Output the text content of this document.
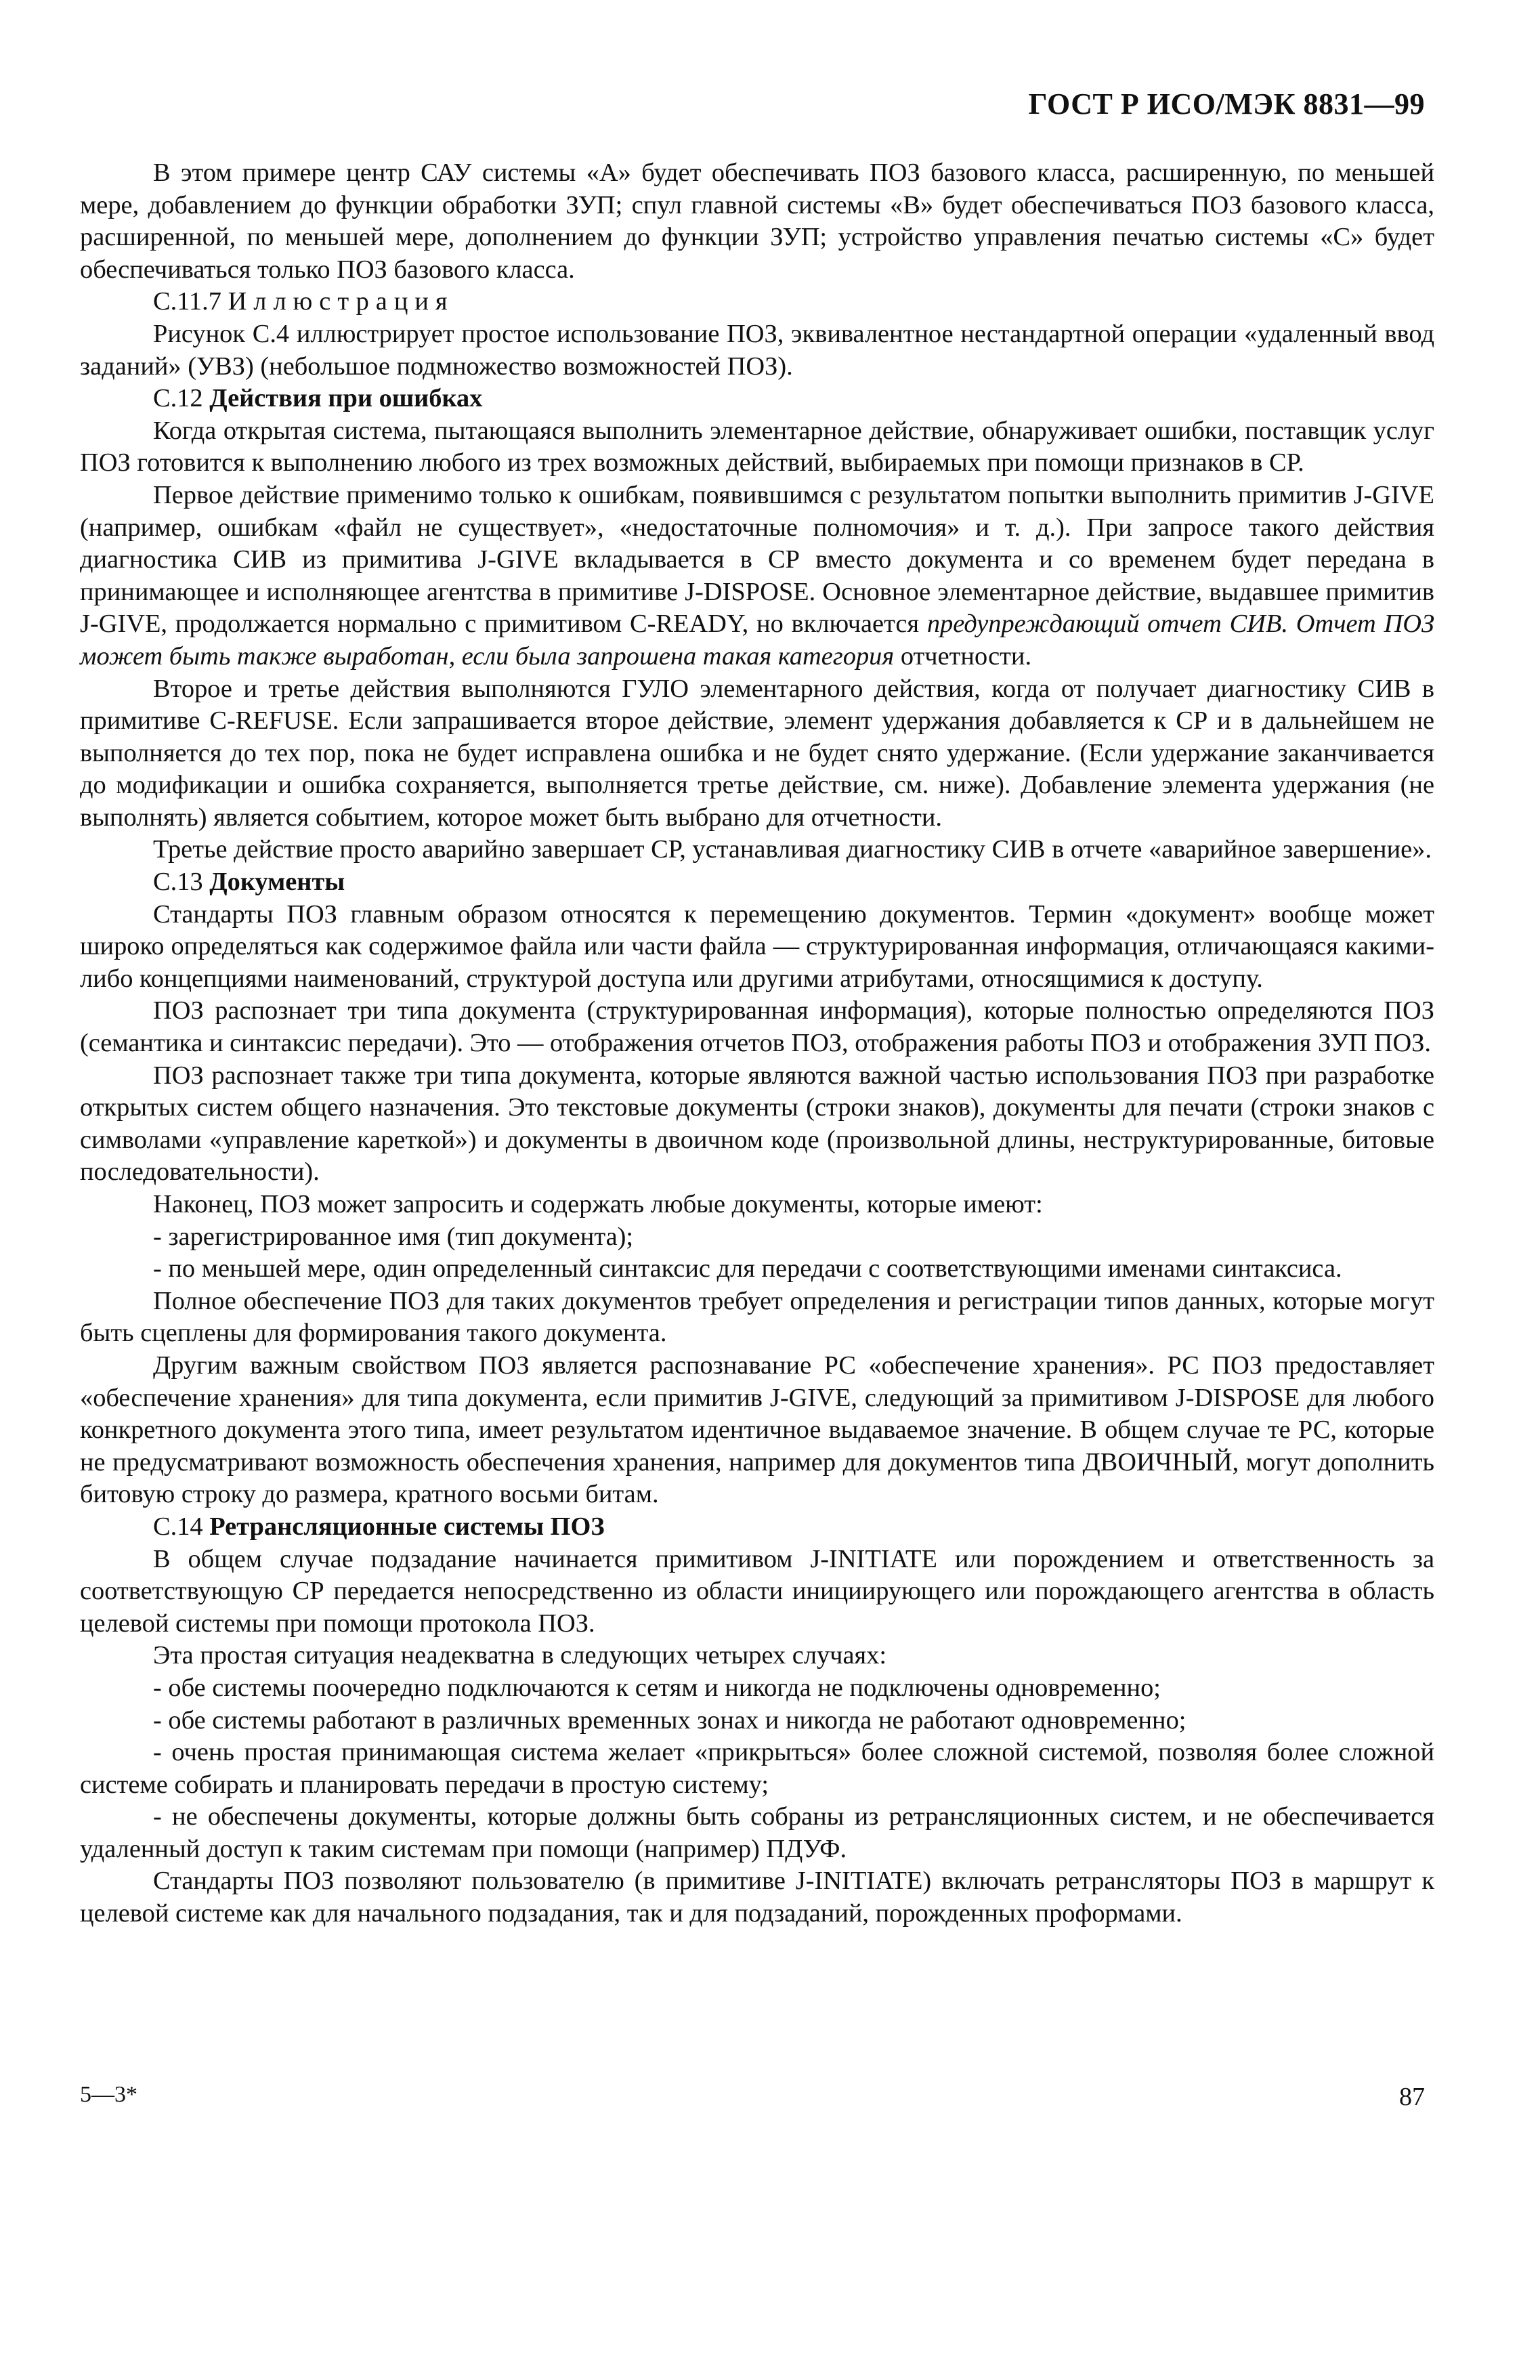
ГОСТ Р ИСО/МЭК 8831—99

В этом примере центр САУ системы «А» будет обеспечивать ПОЗ базового класса, расширенную, по меньшей мере, добавлением до функции обработки ЗУП; спул главной системы «В» будет обеспечиваться ПОЗ базового класса, расширенной, по меньшей мере, дополнением до функции ЗУП; устройство управления печатью системы «С» будет обеспечиваться только ПОЗ базового класса.

С.11.7 Иллюстрация

Рисунок С.4 иллюстрирует простое использование ПОЗ, эквивалентное нестандартной операции «удаленный ввод заданий» (УВЗ) (небольшое подмножество возможностей ПОЗ).

С.12 Действия при ошибках

Когда открытая система, пытающаяся выполнить элементарное действие, обнаруживает ошибки, поставщик услуг ПОЗ готовится к выполнению любого из трех возможных действий, выбираемых при помощи признаков в СР.

Первое действие применимо только к ошибкам, появившимся с результатом попытки выполнить примитив J-GIVE (например, ошибкам «файл не существует», «недостаточные полномочия» и т. д.). При запросе такого действия диагностика СИВ из примитива J-GIVE вкладывается в СР вместо документа и со временем будет передана в принимающее и исполняющее агентства в примитиве J-DISPOSE. Основное элементарное действие, выдавшее примитив J-GIVE, продолжается нормально с примитивом C-READY, но включается предупреждающий отчет СИВ. Отчет ПОЗ может быть также выработан, если была запрошена такая категория отчетности.

Второе и третье действия выполняются ГУЛО элементарного действия, когда от получает диагностику СИВ в примитиве C-REFUSE. Если запрашивается второе действие, элемент удержания добавляется к СР и в дальнейшем не выполняется до тех пор, пока не будет исправлена ошибка и не будет снято удержание. (Если удержание заканчивается до модификации и ошибка сохраняется, выполняется третье действие, см. ниже). Добавление элемента удержания (не выполнять) является событием, которое может быть выбрано для отчетности.

Третье действие просто аварийно завершает СР, устанавливая диагностику СИВ в отчете «аварийное завершение».

С.13 Документы

Стандарты ПОЗ главным образом относятся к перемещению документов. Термин «документ» вообще может широко определяться как содержимое файла или части файла — структурированная информация, отличающаяся какими-либо концепциями наименований, структурой доступа или другими атрибутами, относящимися к доступу.

ПОЗ распознает три типа документа (структурированная информация), которые полностью определяются ПОЗ (семантика и синтаксис передачи). Это — отображения отчетов ПОЗ, отображения работы ПОЗ и отображения ЗУП ПОЗ.

ПОЗ распознает также три типа документа, которые являются важной частью использования ПОЗ при разработке открытых систем общего назначения. Это текстовые документы (строки знаков), документы для печати (строки знаков с символами «управление кареткой») и документы в двоичном коде (произвольной длины, неструктурированные, битовые последовательности).

Наконец, ПОЗ может запросить и содержать любые документы, которые имеют:

- зарегистрированное имя (тип документа);

- по меньшей мере, один определенный синтаксис для передачи с соответствующими именами синтаксиса.

Полное обеспечение ПОЗ для таких документов требует определения и регистрации типов данных, которые могут быть сцеплены для формирования такого документа.

Другим важным свойством ПОЗ является распознавание РС «обеспечение хранения». РС ПОЗ предоставляет «обеспечение хранения» для типа документа, если примитив J-GIVE, следующий за примитивом J-DISPOSE для любого конкретного документа этого типа, имеет результатом идентичное выдаваемое значение. В общем случае те РС, которые не предусматривают возможность обеспечения хранения, например для документов типа ДВОИЧНЫЙ, могут дополнить битовую строку до размера, кратного восьми битам.

С.14 Ретрансляционные системы ПОЗ

В общем случае подзадание начинается примитивом J-INITIATE или порождением и ответственность за соответствующую СР передается непосредственно из области инициирующего или порождающего агентства в область целевой системы при помощи протокола ПОЗ.

Эта простая ситуация неадекватна в следующих четырех случаях:

- обе системы поочередно подключаются к сетям и никогда не подключены одновременно;

- обе системы работают в различных временных зонах и никогда не работают одновременно;

- очень простая принимающая система желает «прикрыться» более сложной системой, позволяя более сложной системе собирать и планировать передачи в простую систему;

- не обеспечены документы, которые должны быть собраны из ретрансляционных систем, и не обеспечивается удаленный доступ к таким системам при помощи (например) ПДУФ.

Стандарты ПОЗ позволяют пользователю (в примитиве J-INITIATE) включать ретрансляторы ПОЗ в маршрут к целевой системе как для начального подзадания, так и для подзаданий, порожденных проформами.

5—3*	87
